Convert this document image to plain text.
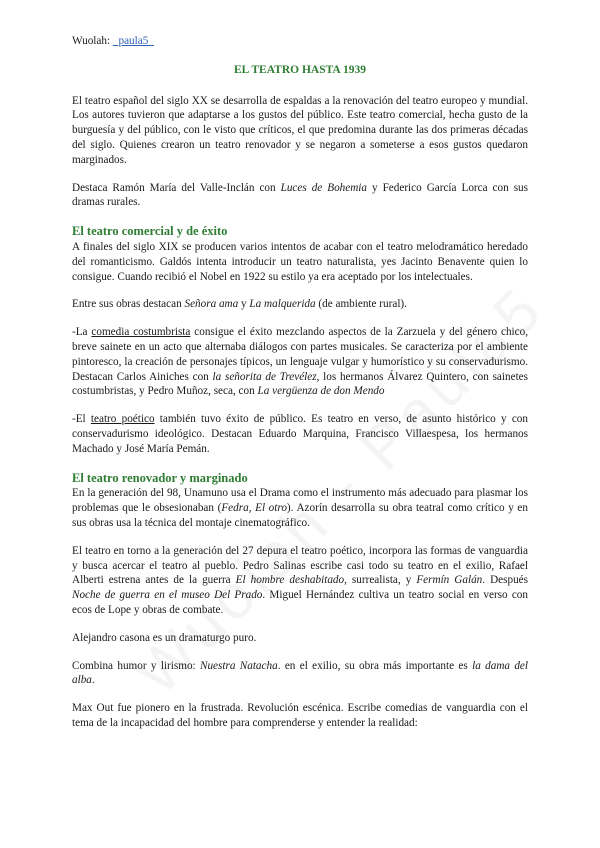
Wuolah: _paula5_
EL TEATRO HASTA 1939

El teatro español del siglo XX se desarrolla de espaldas a la renovación del teatro europeo y mundial. Los autores tuvieron que adaptarse a los gustos del público. Este teatro comercial, hecha gusto de la burguesía y del público, con le visto que críticos, el que predomina durante las dos primeras décadas del siglo. Quienes crearon un teatro renovador y se negaron a someterse a esos gustos quedaron marginados.

Destaca Ramón María del Valle-Inclán con Luces de Bohemia y Federico García Lorca con sus dramas rurales.

El teatro comercial y de éxito

A finales del siglo XIX se producen varios intentos de acabar con el teatro melodramático heredado del romanticismo. Galdós intenta introducir un teatro naturalista, yes Jacinto Benavente quien lo consigue. Cuando recibió el Nobel en 1922 su estilo ya era aceptado por los intelectuales.

Entre sus obras destacan Señora ama y La malquerida (de ambiente rural).

-La comedia costumbrista consigue el éxito mezclando aspectos de la Zarzuela y del género chico, breve sainete en un acto que alternaba diálogos con partes musicales. Se caracteriza por el ambiente pintoresco, la creación de personajes típicos, un lenguaje vulgar y humorístico y su conservadurismo. Destacan Carlos Ainiches con la señorita de Trevélez, los hermanos Álvarez Quintero, con sainetes costumbristas, y Pedro Muñoz, seca, con La vergüenza de don Mendo

-El teatro poético también tuvo éxito de público. Es teatro en verso, de asunto histórico y con conservadurismo ideológico. Destacan Eduardo Marquina, Francisco Villaespesa, los hermanos Machado y José María Pemán.

El teatro renovador y marginado

En la generación del 98, Unamuno usa el Drama como el instrumento más adecuado para plasmar los problemas que le obsesionaban (Fedra, El otro). Azorín desarrolla su obra teatral como crítico y en sus obras usa la técnica del montaje cinematográfico.

El teatro en torno a la generación del 27 depura el teatro poético, incorpora las formas de vanguardia y busca acercar el teatro al pueblo. Pedro Salinas escribe casi todo su teatro en el exilio, Rafael Alberti estrena antes de la guerra El hombre deshabitado, surrealista, y Fermín Galán. Después Noche de guerra en el museo Del Prado. Miguel Hernández cultiva un teatro social en verso con ecos de Lope y obras de combate.

Alejandro casona es un dramaturgo puro.

Combina humor y lirismo: Nuestra Natacha. en el exilio, su obra más importante es la dama del alba.

Max Out fue pionero en la frustrada. Revolución escénica. Escribe comedias de vanguardia con el tema de la incapacidad del hombre para comprenderse y entender la realidad:
